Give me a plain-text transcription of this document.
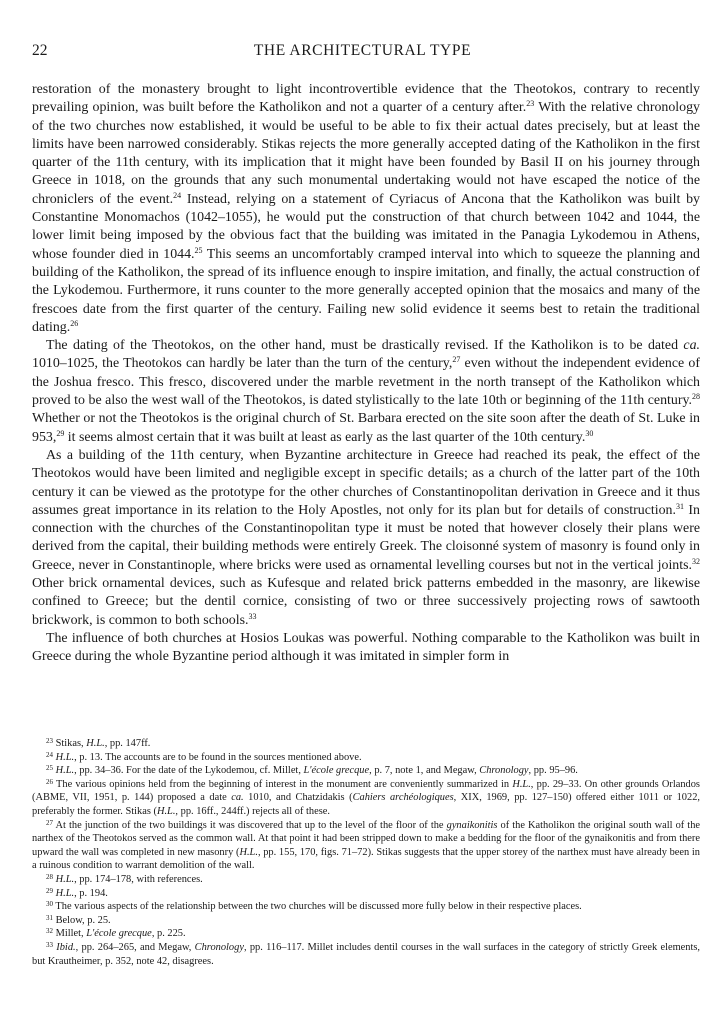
22	THE ARCHITECTURAL TYPE

restoration of the monastery brought to light incontrovertible evidence that the Theotokos, contrary to recently prevailing opinion, was built before the Katholikon and not a quarter of a century after.$^{23}$ With the relative chronology of the two churches now established, it would be useful to be able to fix their actual dates precisely, but at least the limits have been narrowed considerably. Stikas rejects the more generally accepted dating of the Katholikon in the first quarter of the 11th century, with its implication that it might have been founded by Basil II on his journey through Greece in 1018, on the grounds that any such monumental undertaking would not have escaped the notice of the chroniclers of the event.$^{24}$ Instead, relying on a statement of Cyriacus of Ancona that the Katholikon was built by Constantine Monomachos (1042–1055), he would put the construction of that church between 1042 and 1044, the lower limit being imposed by the obvious fact that the building was imitated in the Panagia Lykodemou in Athens, whose founder died in 1044.25 This seems an uncomfortably cramped interval into which to squeeze the planning and building of the Katholikon, the spread of its influence enough to inspire imitation, and finally, the actual construction of the Lykodemou. Furthermore, it runs counter to the more generally accepted opinion that the mosaics and many of the frescoes date from the first quarter of the century. Failing new solid evidence it seems best to retain the traditional dating.$^{26}$

The dating of the Theotokos, on the other hand, must be drastically revised. If the Katholikon is to be dated ca. 1010–1025, the Theotokos can hardly be later than the turn of the century,$^{27}$ even without the independent evidence of the Joshua fresco. This fresco, discovered under the marble revetment in the north transept of the Katholikon which proved to be also the west wall of the Theotokos, is dated stylistically to the late 10th or beginning of the 11th century.$^{28}$ Whether or not the Theotokos is the original church of St. Barbara erected on the site soon after the death of St. Luke in 953,29 it seems almost certain that it was built at least as early as the last quarter of the 10th century.$^{30}$

As a building of the 11th century, when Byzantine architecture in Greece had reached its peak, the effect of the Theotokos would have been limited and negligible except in specific details; as a church of the latter part of the 10th century it can be viewed as the prototype for the other churches of Constantinopolitan derivation in Greece and it thus assumes great importance in its relation to the Holy Apostles, not only for its plan but for details of construction.$^{31}$ In connection with the churches of the Constantinopolitan type it must be noted that however closely their plans were derived from the capital, their building methods were entirely Greek. The cloisonné system of masonry is found only in Greece, never in Constantinople, where bricks were used as ornamental levelling courses but not in the vertical joints.$^{32}$ Other brick ornamental devices, such as Kufesque and related brick patterns embedded in the masonry, are likewise confined to Greece; but the dentil cornice, consisting of two or three successively projecting rows of sawtooth brickwork, is common to both schools.$^{33}$

The influence of both churches at Hosios Loukas was powerful. Nothing comparable to the Katholikon was built in Greece during the whole Byzantine period although it was imitated in simpler form in

$^{23}$ Stikas, H.L., pp. 147ff.

$^{24}$ H.L., p. 13. The accounts are to be found in the sources mentioned above.

$^{25}$ H.L., pp. 34–36. For the date of the Lykodemou, cf. Millet, L'école grecque, p. 7, note 1, and Megaw, Chronology, pp. 95–96.

$^{26}$ The various opinions held from the beginning of interest in the monument are conveniently summarized in H.L., pp. 29–33. On other grounds Orlandos (ABME, VII, 1951, p. 144) proposed a date ca. 1010, and Chatzidakis (Cahiers archéologiques, XIX, 1969, pp. 127–150) offered either 1011 or 1022, preferably the former. Stikas (H.L., pp. 16ff., 244ff.) rejects all of these.

$^{27}$ At the junction of the two buildings it was discovered that up to the level of the floor of the gynaikonitis of the Katholikon the original south wall of the narthex of the Theotokos served as the common wall. At that point it had been stripped down to make a bedding for the floor of the gynaikonitis and from there upward the wall was completed in new masonry (H.L., pp. 155, 170, figs. 71–72). Stikas suggests that the upper storey of the narthex must have already been in a ruinous condition to warrant demolition of the wall.

$^{28}$ H.L., pp. 174–178, with references.

$^{29}$ H.L., p. 194.

$^{30}$ The various aspects of the relationship between the two churches will be discussed more fully below in their respective places.

$^{31}$ Below, p. 25.

$^{32}$ Millet, L'école grecque, p. 225.

$^{33}$ Ibid., pp. 264–265, and Megaw, Chronology, pp. 116–117. Millet includes dentil courses in the wall surfaces in the category of strictly Greek elements, but Krautheimer, p. 352, note 42, disagrees.
